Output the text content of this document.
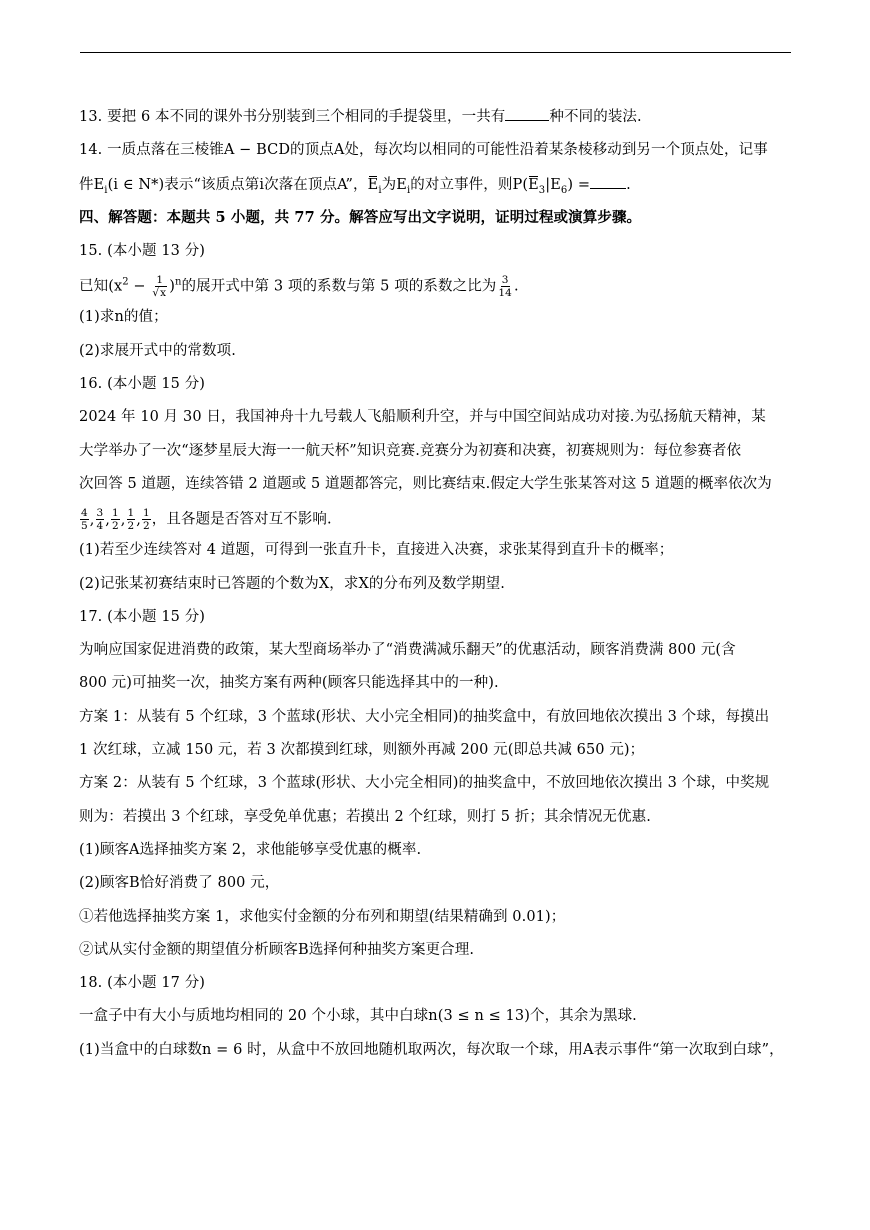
13. 要把 6 本不同的课外书分别装到三个相同的手提袋里，一共有	种不同的装法.
14. 一质点落在三棱锥A − BCD的顶点A处，每次均以相同的可能性沿着某条棱移动到另一个顶点处，记事
件$E_i(i$ ∈ N*)表示“该质点第i次落在顶点A”，$E_i$为$E_i$的对立事件，则$P(E_3|E_6)$ = .
四、解答题：本题共 5 小题，共 77 分。解答应写出文字说明，证明过程或演算步骤。
15. (本小题 13 分)
已知$(x^2 - \frac{1}{√x} )^n$的展开式中第 3 项的系数与第 5 项的系数之比为 $\frac{3}{14}$ .
(1)求n的值；
(2)求展开式中的常数项.
16. (本小题 15 分)
2024 年 10 月 30 日，我国神舟十九号载人飞船顺利升空，并与中国空间站成功对接.为弘扬航天精神，某
大学举办了一次“逐梦星辰大海一一航天杯”知识竞赛.竞赛分为初赛和决赛，初赛规则为：每位参赛者依
次回答 5 道题，连续答错 2 道题或 5 道题都答完，则比赛结束.假定大学生张某答对这 5 道题的概率依次为
$\frac{4}{5}$ , $\frac{3}{4}$ , $\frac{1}{2}$ , $\frac{1}{2}$ , $\frac{1}{2}$ ，且各题是否答对互不影响.
(1)若至少连续答对 4 道题，可得到一张直升卡，直接进入决赛，求张某得到直升卡的概率；
(2)记张某初赛结束时已答题的个数为X，求X的分布列及数学期望.
17. (本小题 15 分)
为响应国家促进消费的政策，某大型商场举办了“消费满减乐翻天”的优惠活动，顾客消费满 800 元(含
800 元)可抽奖一次，抽奖方案有两种(顾客只能选择其中的一种).
方案 1：从装有 5 个红球，3 个蓝球(形状、大小完全相同)的抽奖盒中，有放回地依次摸出 3 个球，每摸出
1 次红球，立减 150 元，若 3 次都摸到红球，则额外再减 200 元(即总共减 650 元)；
方案 2：从装有 5 个红球，3 个蓝球(形状、大小完全相同)的抽奖盒中，不放回地依次摸出 3 个球，中奖规
则为：若摸出 3 个红球，享受免单优惠；若摸出 2 个红球，则打 5 折；其余情况无优惠.
(1)顾客A选择抽奖方案 2，求他能够享受优惠的概率.
(2)顾客B恰好消费了 800 元，
①若他选择抽奖方案 1，求他实付金额的分布列和期望(结果精确到 0.01)；
②试从实付金额的期望值分析顾客B选择何种抽奖方案更合理.
18. (本小题 17 分)
一盒子中有大小与质地均相同的 20 个小球，其中白球n(3 ≤ n ≤ 13)个，其余为黑球.
(1)当盒中的白球数n = 6 时，从盒中不放回地随机取两次，每次取一个球，用A表示事件“第一次取到白球”，
